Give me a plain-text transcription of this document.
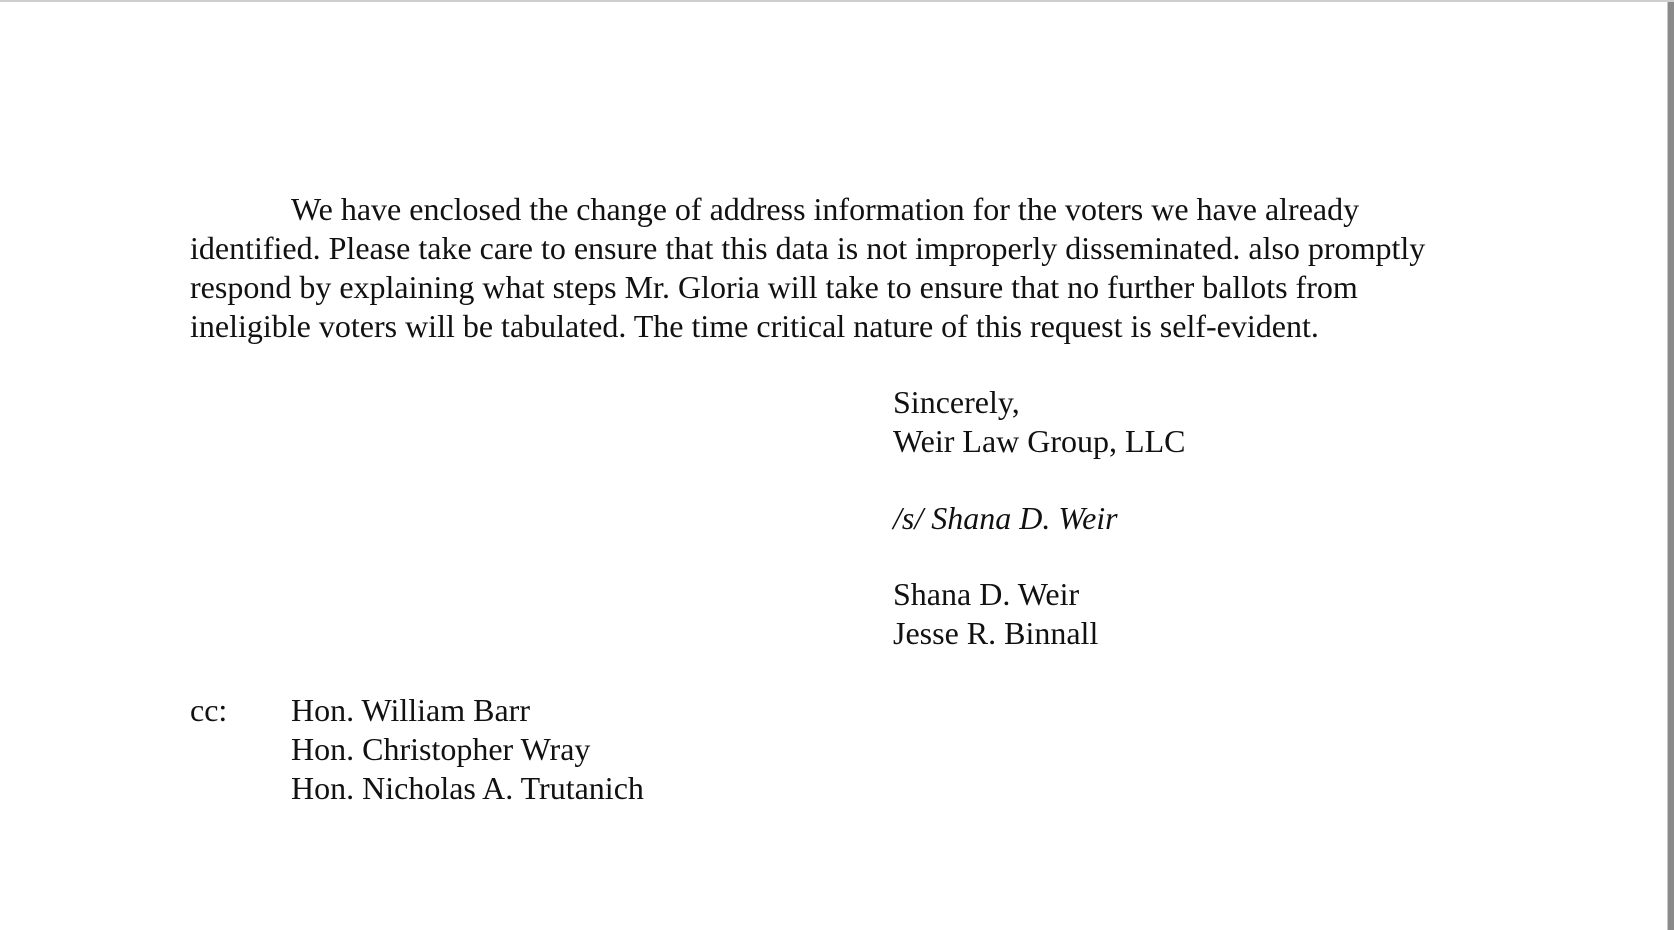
We have enclosed the change of address information for the voters we have already
identified. Please take care to ensure that this data is not improperly disseminated. also promptly
respond by explaining what steps Mr. Gloria will take to ensure that no further ballots from
ineligible voters will be tabulated. The time critical nature of this request is self-evident.
Sincerely,
Weir Law Group, LLC
/s/ Shana D. Weir
Shana D. Weir
Jesse R. Binnall
cc: Hon. William Barr
Hon. Christopher Wray
Hon. Nicholas A. Trutanich
